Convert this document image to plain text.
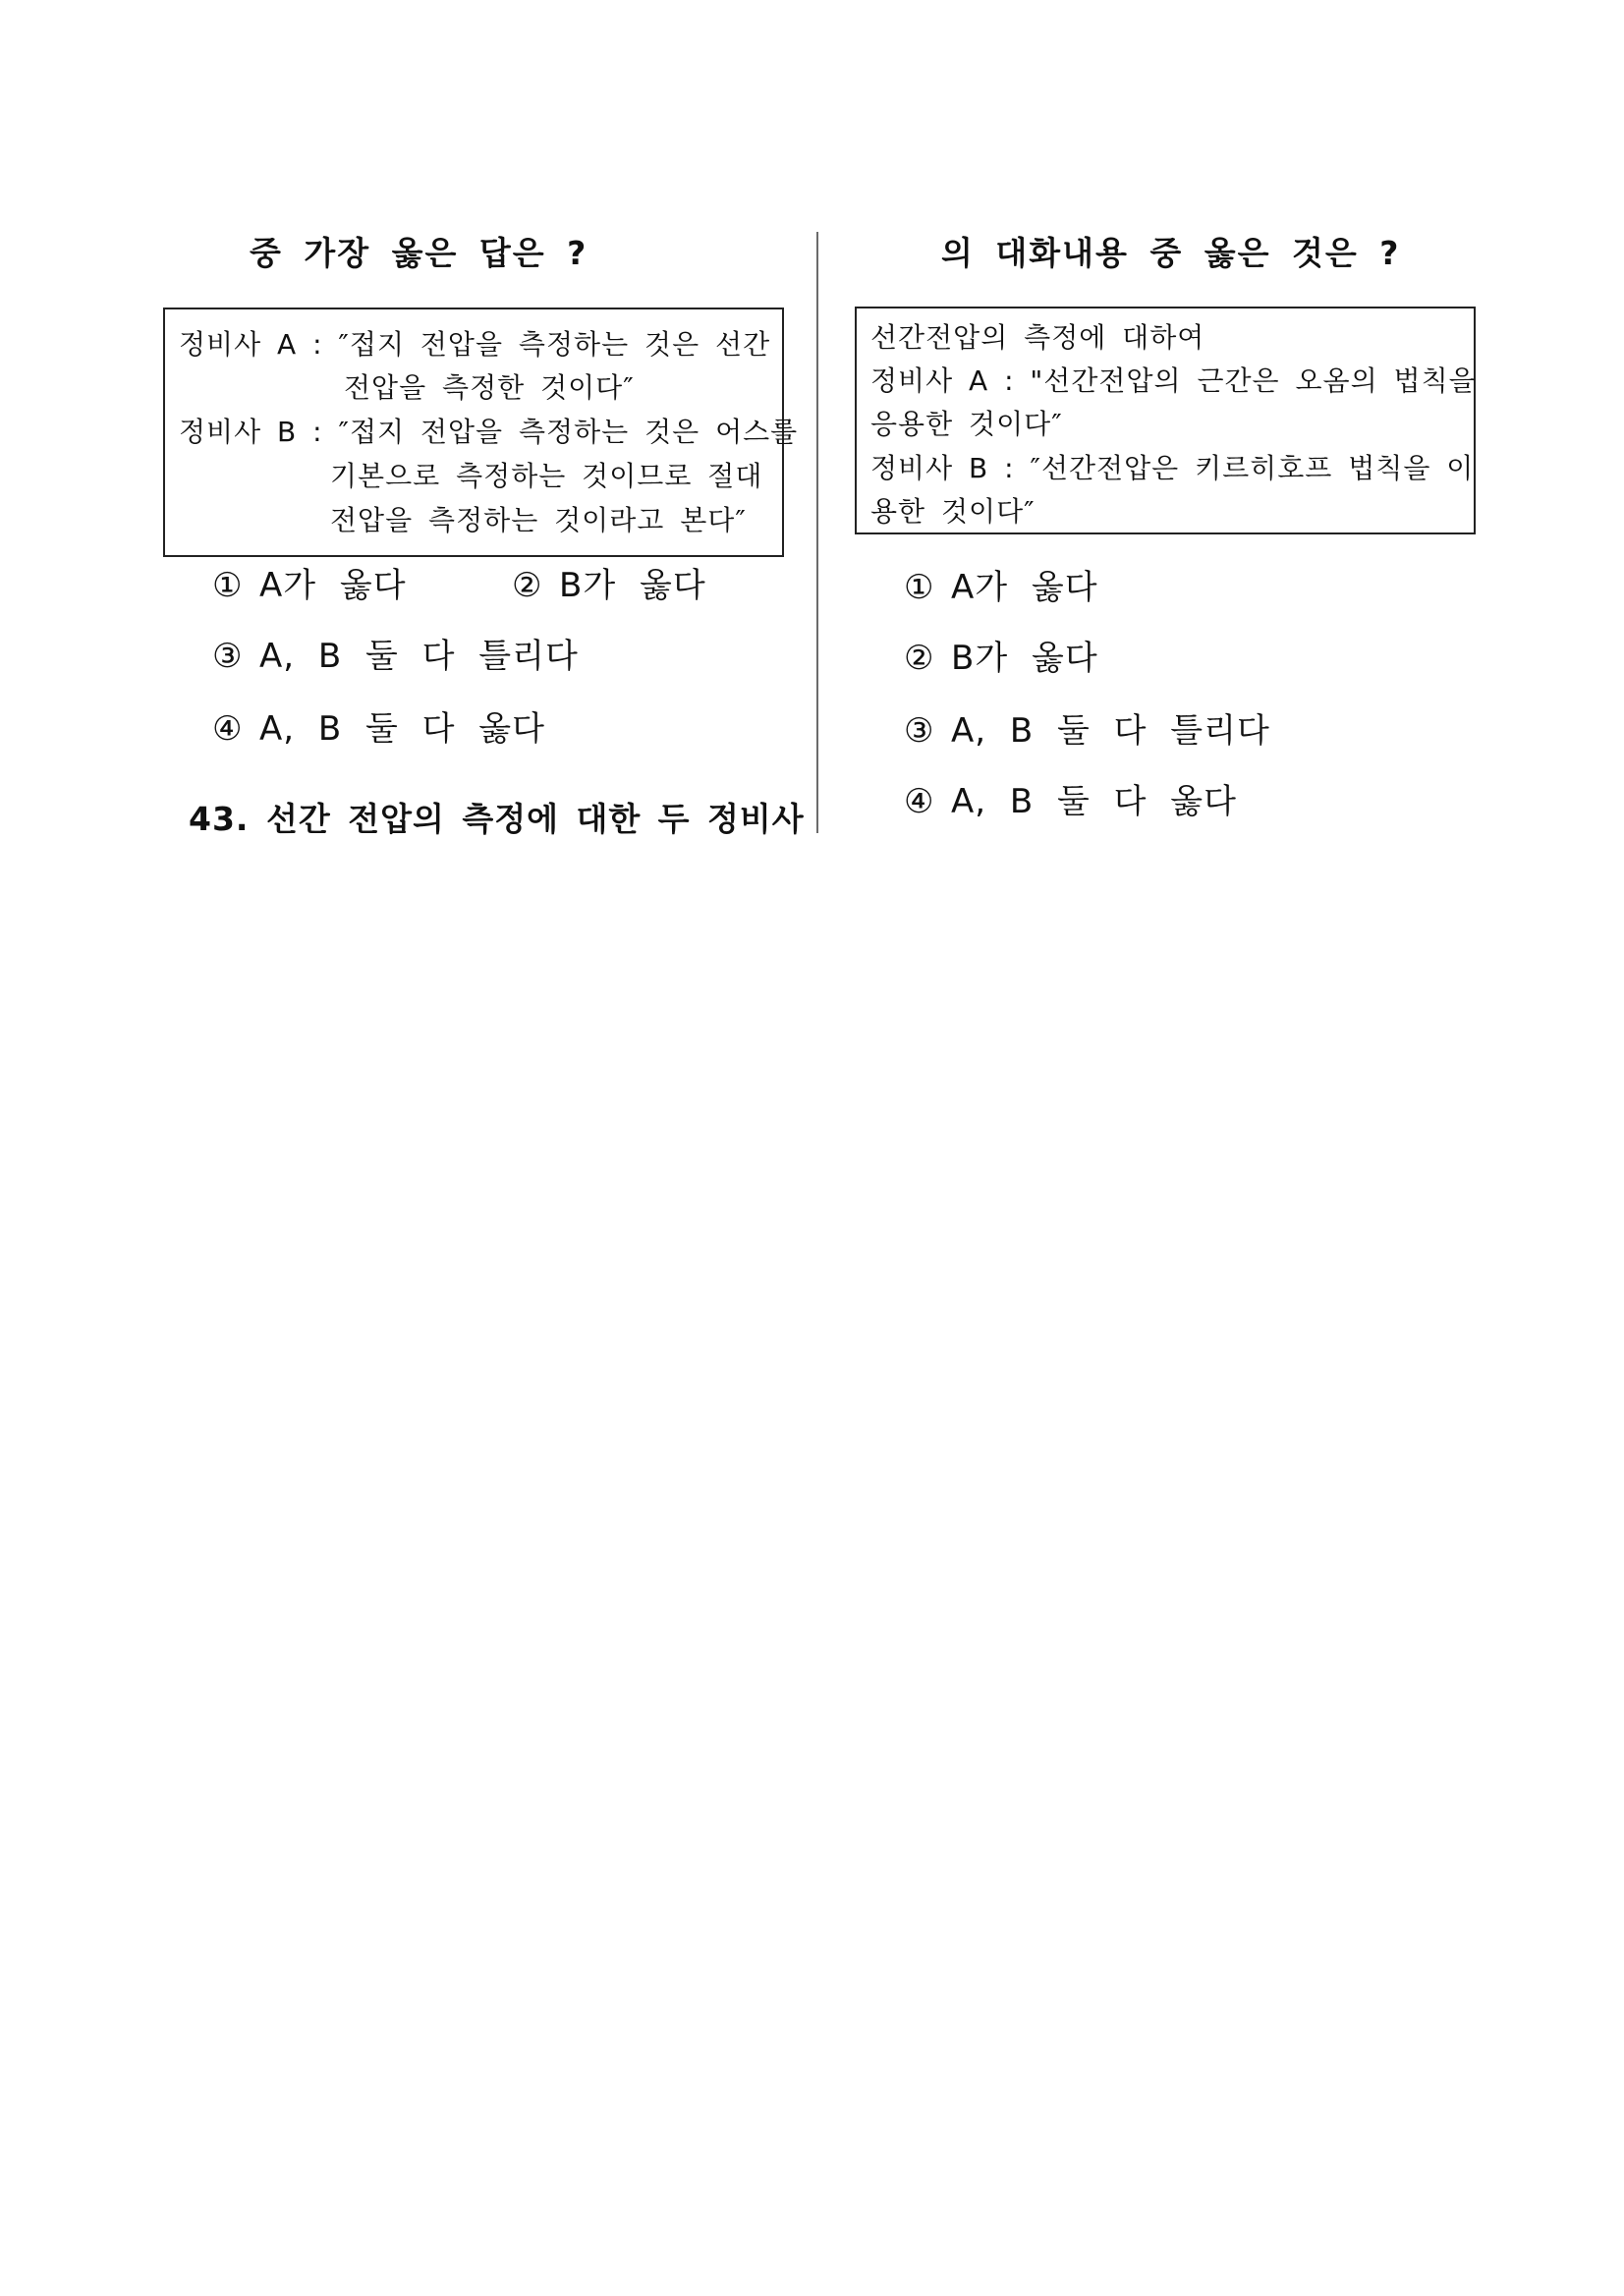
중 가장 옳은 답은 ?
정비사 A : ″접지 전압을 측정하는 것은 선간
전압을 측정한 것이다″
정비사 B : ″접지 전압을 측정하는 것은 어스를
기본으로 측정하는 것이므로 절대
전압을 측정하는 것이라고 본다″
① A가 옳다	② B가 옳다
③ A, B 둘 다 틀리다
④ A, B 둘 다 옳다
43. 선간 전압의 측정에 대한 두 정비사
의 대화내용 중 옳은 것은 ?
선간전압의 측정에 대하여
정비사 A : "선간전압의 근간은 오옴의 법칙을
응용한 것이다″
정비사 B : ″선간전압은 키르히호프 법칙을 이
용한 것이다″
① A가 옳다
② B가 옳다
③ A, B 둘 다 틀리다
④ A, B 둘 다 옳다
